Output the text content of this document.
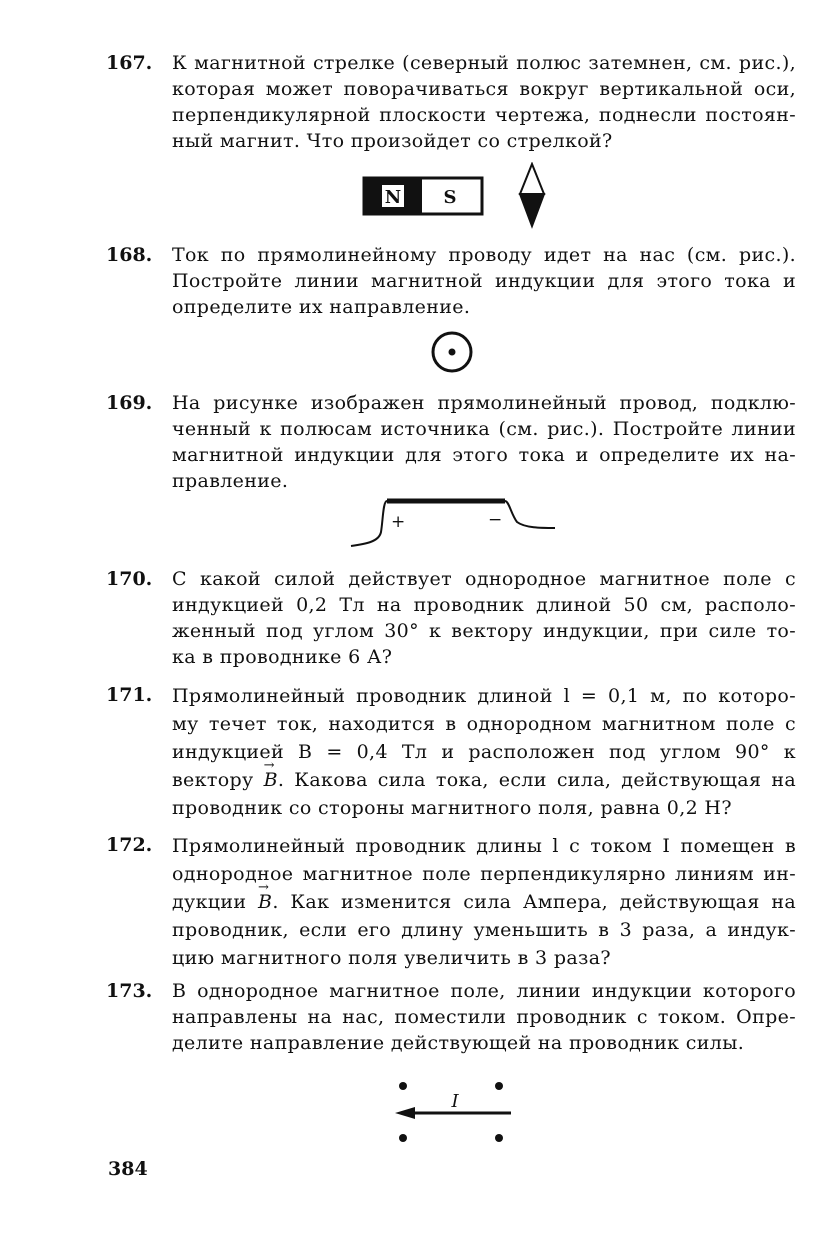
167.	К магнитной стрелке (северный полюс затемнен, см. рис.),
которая может поворачиваться вокруг вертикальной оси,
перпендикулярной плоскости чертежа, поднесли постоян-
ный магнит. Что произойдет со стрелкой?
N S
168.	Ток по прямолинейному проводу идет на нас (см. рис.).
Постройте линии магнитной индукции для этого тока и
определите их направление.
169.	На рисунке изображен прямолинейный провод, подклю-
ченный к полюсам источника (см. рис.). Постройте линии
магнитной индукции для этого тока и определите их на-
правление.
+	−
170.	С какой силой действует однородное магнитное поле с
индукцией 0,2 Тл на проводник длиной 50 см, располо-
женный под углом 30° к вектору индукции, при силе то-
ка в проводнике 6 А?
171.	Прямолинейный проводник длиной l = 0,1 м, по которо-
му течет ток, находится в однородном магнитном поле с
индукцией В = 0,4 Тл и расположен под углом 90° к
вектору → B. Какова сила тока, если сила, действующая на
проводник со стороны магнитного поля, равна 0,2 Н?
172.	Прямолинейный проводник длины l с током I помещен в
однородное магнитное поле перпендикулярно линиям ин-
дукции → B. Как изменится сила Ампера, действующая на
проводник, если его длину уменьшить в 3 раза, а индук-
цию магнитного поля увеличить в 3 раза?
173.	В однородное магнитное поле, линии индукции которого
направлены на нас, поместили проводник с током. Опре-
делите направление действующей на проводник силы.
I
384
